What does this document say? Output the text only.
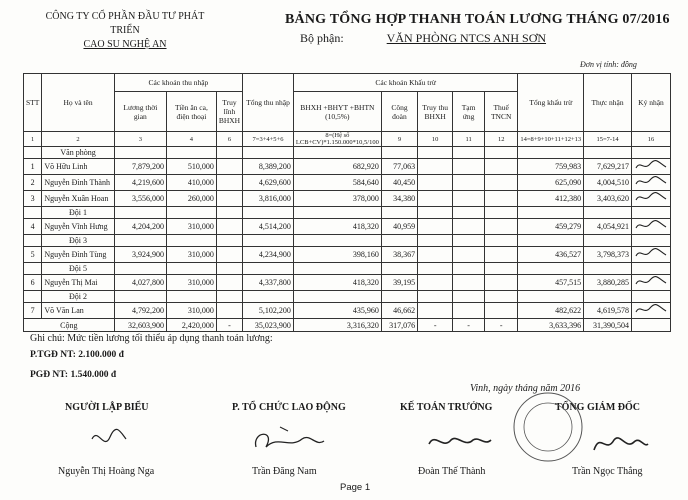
CÔNG TY CỔ PHẦN ĐẦU TƯ PHÁT TRIỂN
CAO SU NGHỆ AN
BẢNG TỔNG HỢP THANH TOÁN LƯƠNG THÁNG 07/2016
Bộ phận:	VĂN PHÒNG NTCS ANH SƠN
Đơn vị tính: đồng
STT	Họ và tên	Các khoản thu nhập			Tổng thu nhập	Các khoản Khấu trừ					Tổng khấu trừ	Thực nhận	Ký nhận
		Lương thời gian	Tiền ăn ca, điện thoại	Truy lĩnh BHXH		BHXH +BHYT +BHTN (10,5%)	Công đoàn	Truy thu BHXH	Tạm ứng	Thuế TNCN			
1	2	3	4	6	7=3+4+5+6	8=(Hệ số LCB+CV)*1.150.000*10,5/100	9	10	11	12	14=8+9+10+11+12+13	15=7-14	16
	Văn phòng												
1	Võ Hữu Linh	7,879,200	510,000		8,389,200	682,920	77,063				759,983	7,629,217	
2	Nguyễn Đình Thành	4,219,600	410,000		4,629,600	584,640	40,450				625,090	4,004,510	
3	Nguyễn Xuân Hoan	3,556,000	260,000		3,816,000	378,000	34,380				412,380	3,403,620	
	Đội 1												
4	Nguyễn Vĩnh Hưng	4,204,200	310,000		4,514,200	418,320	40,959				459,279	4,054,921	
	Đội 3												
5	Nguyễn Đình Tùng	3,924,900	310,000		4,234,900	398,160	38,367				436,527	3,798,373	
	Đội 5												
6	Nguyễn Thị Mai	4,027,800	310,000		4,337,800	418,320	39,195				457,515	3,880,285	
	Đội 2												
7	Võ Văn Lan	4,792,200	310,000		5,102,200	435,960	46,662				482,622	4,619,578	
Cộng		32,603,900	2,420,000	-	35,023,900	3,316,320	317,076	-	-	-	3,633,396	31,390,504	
Ghi chú: Mức tiền lương tối thiểu áp dụng thanh toán lương:
P.TGĐ NT: 2.100.000 đ
PGĐ NT: 1.540.000 đ
Vinh, ngày tháng năm 2016
NGƯỜI LẬP BIỂU	P. TỔ CHỨC LAO ĐỘNG	KẾ TOÁN TRƯỞNG	TỔNG GIÁM ĐỐC
Nguyễn Thị Hoàng Nga	Trần Đăng Nam	Đoàn Thế Thành	Trần Ngọc Thắng
Page 1
